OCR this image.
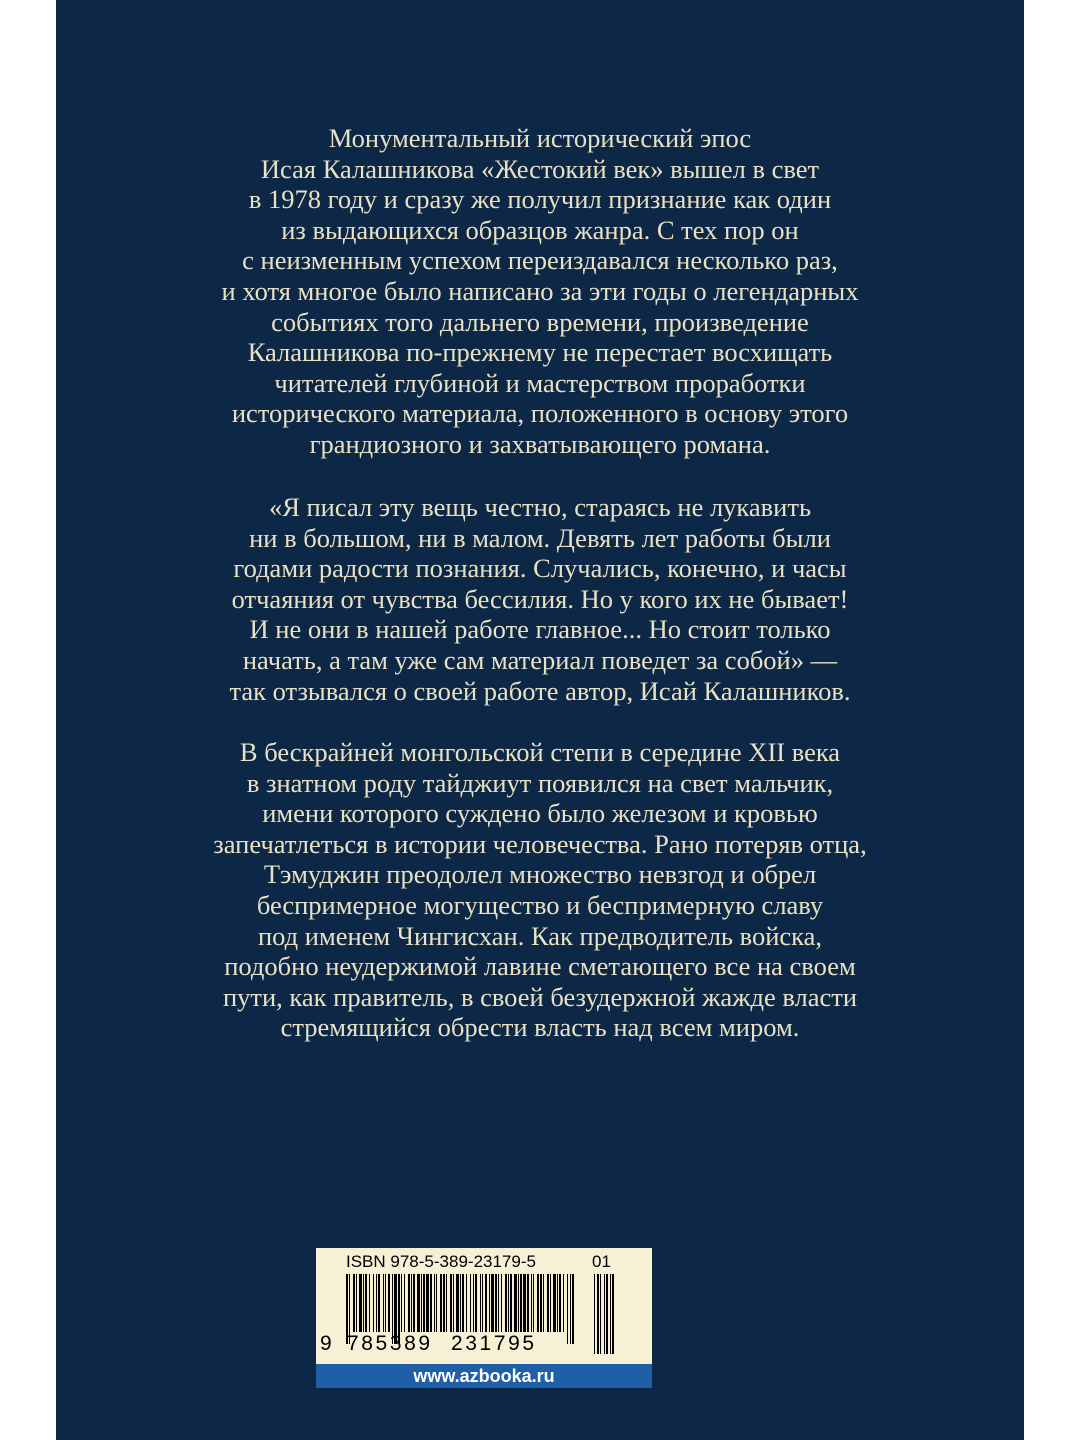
Монументальный исторический эпос
Исая Калашникова «Жестокий век» вышел в свет
в 1978 году и сразу же получил признание как один
из выдающихся образцов жанра. С тех пор он
с неизменным успехом переиздавался несколько раз,
и хотя многое было написано за эти годы о легендарных
событиях того дальнего времени, произведение
Калашникова по-прежнему не перестает восхищать
читателей глубиной и мастерством проработки
исторического материала, положенного в основу этого
грандиозного и захватывающего романа.
«Я писал эту вещь честно, стараясь не лукавить
ни в большом, ни в малом. Девять лет работы были
годами радости познания. Случались, конечно, и часы
отчаяния от чувства бессилия. Но у кого их не бывает!
И не они в нашей работе главное... Но стоит только
начать, а там уже сам материал поведет за собой» —
так отзывался о своей работе автор, Исай Калашников.
В бескрайней монгольской степи в середине XII века
в знатном роду тайджиут появился на свет мальчик,
имени которого суждено было железом и кровью
запечатлеться в истории человечества. Рано потеряв отца,
Тэмуджин преодолел множество невзгод и обрел
беспримерное могущество и беспримерную славу
под именем Чингисхан. Как предводитель войска,
подобно неудержимой лавине сметающего все на своем
пути, как правитель, в своей безудержной жажде власти
стремящийся обрести власть над всем миром.
ISBN 978-5-389-23179-5	01
9 785389 231795
www.azbooka.ru
